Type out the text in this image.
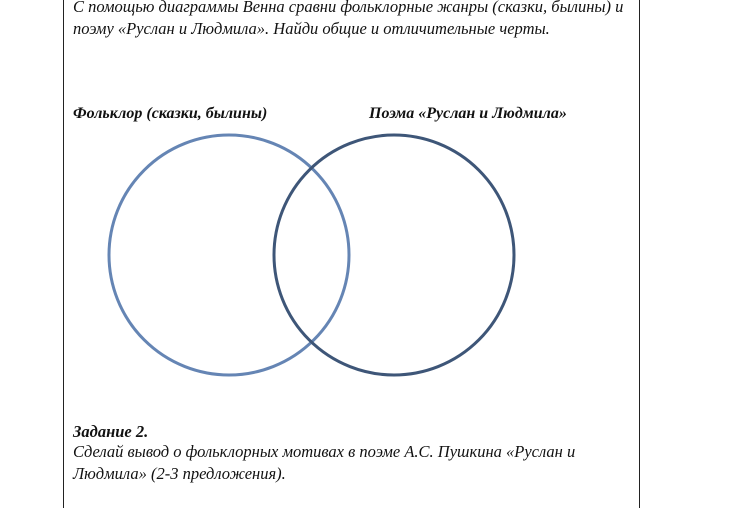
С помощью диаграммы Венна сравни фольклорные жанры (сказки, былины) и поэму «Руслан и Людмила». Найди общие и отличительные черты.

Фольклор (сказки, былины)	Поэма «Руслан и Людмила»

Задание 2.

Сделай вывод о фольклорных мотивах в поэме А.С. Пушкина «Руслан и Людмила» (2-3 предложения).
